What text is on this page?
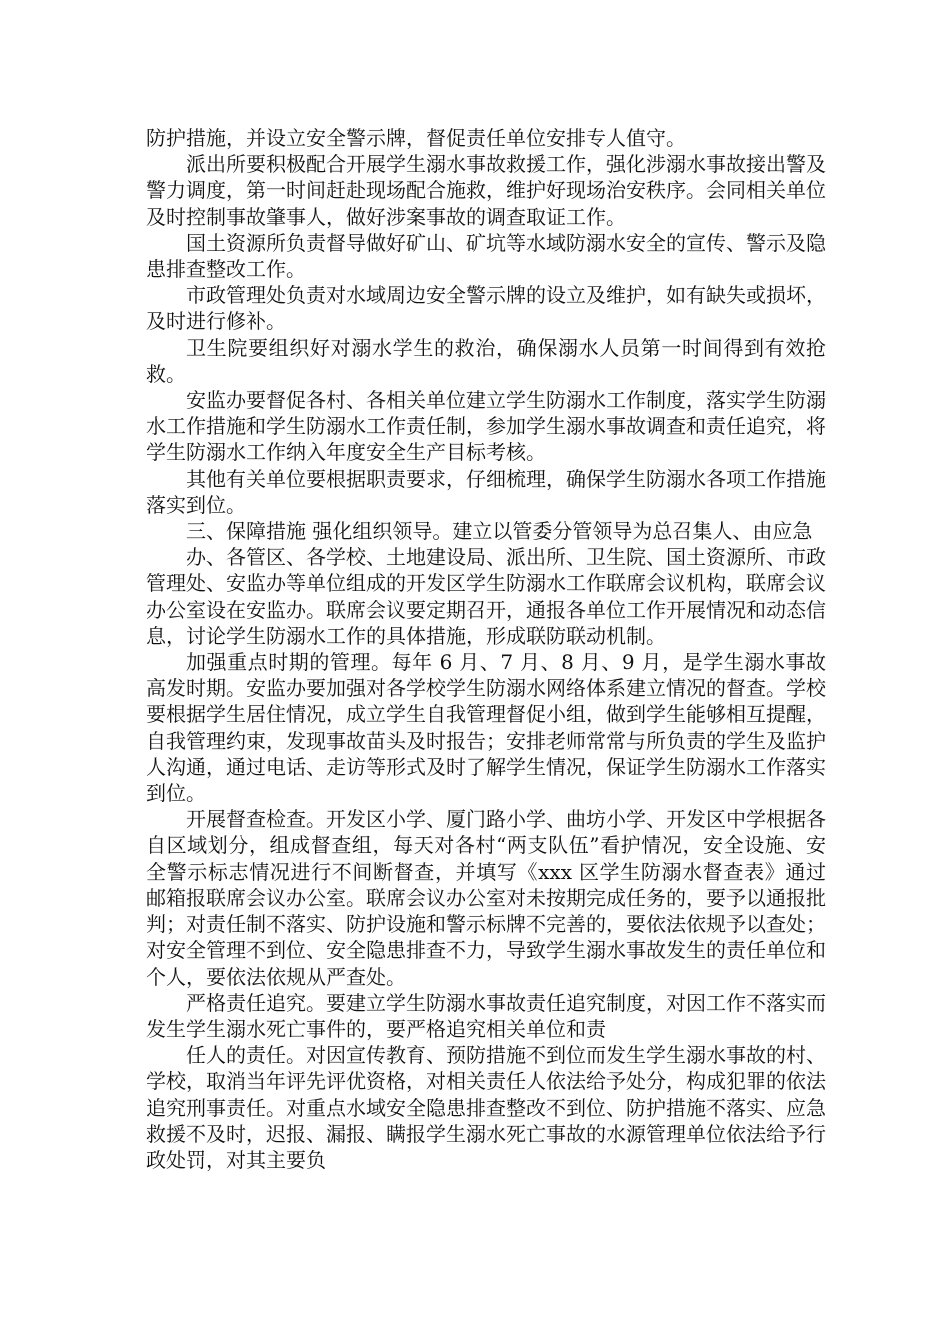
防护措施，并设立安全警示牌，督促责任单位安排专人值守。

派出所要积极配合开展学生溺水事故救援工作，强化涉溺水事故接出警及警力调度，第一时间赶赴现场配合施救，维护好现场治安秩序。会同相关单位及时控制事故肇事人，做好涉案事故的调查取证工作。

国土资源所负责督导做好矿山、矿坑等水域防溺水安全的宣传、警示及隐患排查整改工作。

市政管理处负责对水域周边安全警示牌的设立及维护，如有缺失或损坏，及时进行修补。

卫生院要组织好对溺水学生的救治，确保溺水人员第一时间得到有效抢救。

安监办要督促各村、各相关单位建立学生防溺水工作制度，落实学生防溺水工作措施和学生防溺水工作责任制，参加学生溺水事故调查和责任追究，将学生防溺水工作纳入年度安全生产目标考核。

其他有关单位要根据职责要求，仔细梳理，确保学生防溺水各项工作措施落实到位。

三、保障措施 强化组织领导。建立以管委分管领导为总召集人、由应急

办、各管区、各学校、土地建设局、派出所、卫生院、国土资源所、市政管理处、安监办等单位组成的开发区学生防溺水工作联席会议机构，联席会议办公室设在安监办。联席会议要定期召开，通报各单位工作开展情况和动态信息，讨论学生防溺水工作的具体措施，形成联防联动机制。

加强重点时期的管理。每年 6 月、7 月、8 月、9 月，是学生溺水事故高发时期。安监办要加强对各学校学生防溺水网络体系建立情况的督查。学校要根据学生居住情况，成立学生自我管理督促小组，做到学生能够相互提醒，自我管理约束，发现事故苗头及时报告；安排老师常常与所负责的学生及监护人沟通，通过电话、走访等形式及时了解学生情况，保证学生防溺水工作落实到位。

开展督查检查。开发区小学、厦门路小学、曲坊小学、开发区中学根据各自区域划分，组成督查组，每天对各村“两支队伍”看护情况，安全设施、安全警示标志情况进行不间断督查，并填写《xxx 区学生防溺水督查表》通过邮箱报联席会议办公室。联席会议办公室对未按期完成任务的，要予以通报批判；对责任制不落实、防护设施和警示标牌不完善的，要依法依规予以查处；对安全管理不到位、安全隐患排查不力，导致学生溺水事故发生的责任单位和个人，要依法依规从严查处。

严格责任追究。要建立学生防溺水事故责任追究制度，对因工作不落实而发生学生溺水死亡事件的，要严格追究相关单位和责

任人的责任。对因宣传教育、预防措施不到位而发生学生溺水事故的村、学校，取消当年评先评优资格，对相关责任人依法给予处分，构成犯罪的依法追究刑事责任。对重点水域安全隐患排查整改不到位、防护措施不落实、应急救援不及时，迟报、漏报、瞒报学生溺水死亡事故的水源管理单位依法给予行政处罚，对其主要负
